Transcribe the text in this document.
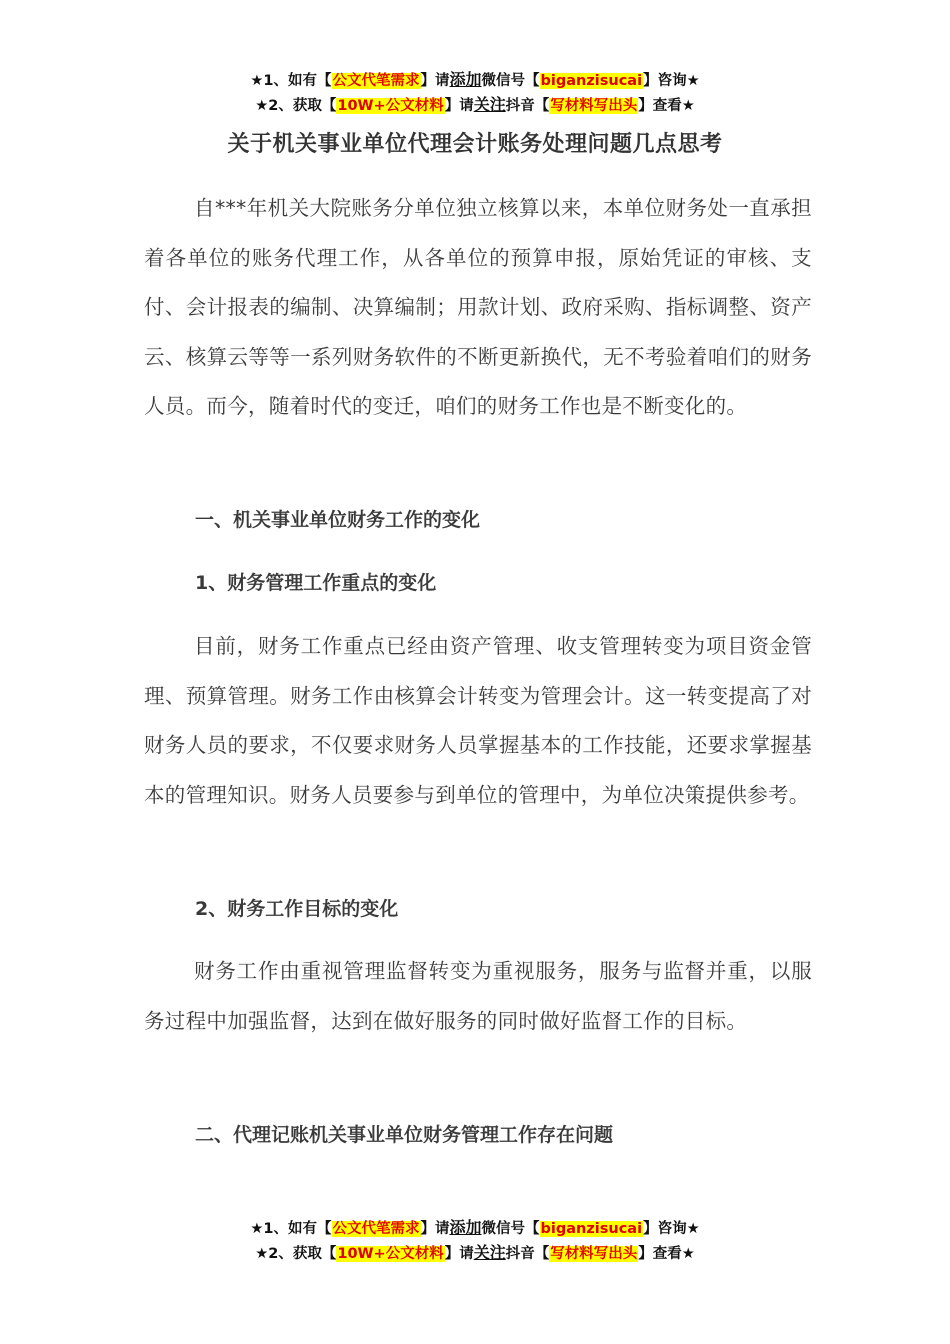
★1、如有【公文代笔需求】请添加微信号【biganzisucai】咨询★
★2、获取【10W+公文材料】请关注抖音【写材料写出头】查看★
关于机关事业单位代理会计账务处理问题几点思考

自***年机关大院账务分单位独立核算以来，本单位财务处一直承担着各单位的账务代理工作，从各单位的预算申报，原始凭证的审核、支付、会计报表的编制、决算编制；用款计划、政府采购、指标调整、资产云、核算云等等一系列财务软件的不断更新换代，无不考验着咱们的财务人员。而今，随着时代的变迁，咱们的财务工作也是不断变化的。

一、机关事业单位财务工作的变化

1、财务管理工作重点的变化

目前，财务工作重点已经由资产管理、收支管理转变为项目资金管理、预算管理。财务工作由核算会计转变为管理会计。这一转变提高了对财务人员的要求，不仅要求财务人员掌握基本的工作技能，还要求掌握基本的管理知识。财务人员要参与到单位的管理中，为单位决策提供参考。

2、财务工作目标的变化

财务工作由重视管理监督转变为重视服务，服务与监督并重，以服务过程中加强监督，达到在做好服务的同时做好监督工作的目标。

二、代理记账机关事业单位财务管理工作存在问题

★1、如有【公文代笔需求】请添加微信号【biganzisucai】咨询★
★2、获取【10W+公文材料】请关注抖音【写材料写出头】查看★
